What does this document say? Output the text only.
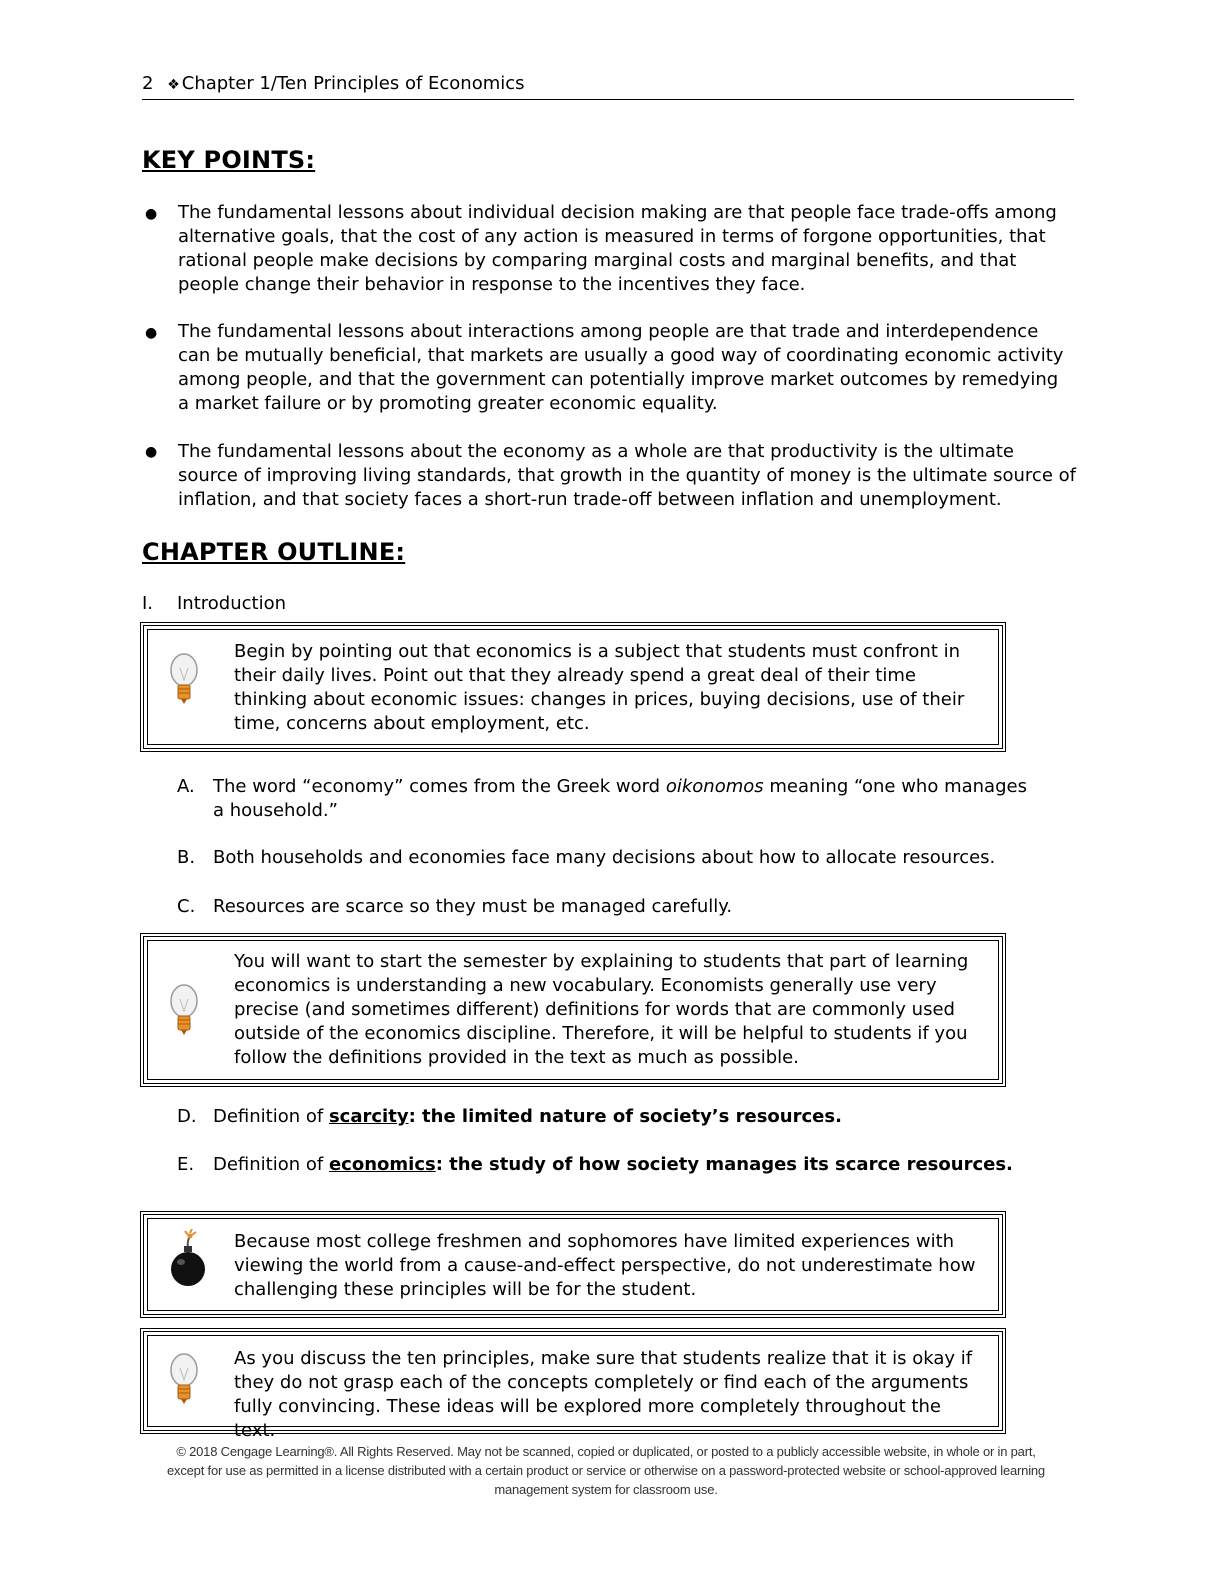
2 ❖ Chapter 1/Ten Principles of Economics
KEY POINTS:
● The fundamental lessons about individual decision making are that people face trade-offs among alternative goals, that the cost of any action is measured in terms of forgone opportunities, that rational people make decisions by comparing marginal costs and marginal benefits, and that people change their behavior in response to the incentives they face.
● The fundamental lessons about interactions among people are that trade and interdependence can be mutually beneficial, that markets are usually a good way of coordinating economic activity among people, and that the government can potentially improve market outcomes by remedying a market failure or by promoting greater economic equality.
● The fundamental lessons about the economy as a whole are that productivity is the ultimate source of improving living standards, that growth in the quantity of money is the ultimate source of inflation, and that society faces a short-run trade-off between inflation and unemployment.
CHAPTER OUTLINE:
I. Introduction
Begin by pointing out that economics is a subject that students must confront in their daily lives. Point out that they already spend a great deal of their time thinking about economic issues: changes in prices, buying decisions, use of their time, concerns about employment, etc.
A. The word “economy” comes from the Greek word oikonomos meaning “one who manages a household.”
B. Both households and economies face many decisions about how to allocate resources.
C. Resources are scarce so they must be managed carefully.
You will want to start the semester by explaining to students that part of learning economics is understanding a new vocabulary. Economists generally use very precise (and sometimes different) definitions for words that are commonly used outside of the economics discipline. Therefore, it will be helpful to students if you follow the definitions provided in the text as much as possible.
D. Definition of scarcity: the limited nature of society’s resources.
E. Definition of economics: the study of how society manages its scarce resources.
Because most college freshmen and sophomores have limited experiences with viewing the world from a cause-and-effect perspective, do not underestimate how challenging these principles will be for the student.
As you discuss the ten principles, make sure that students realize that it is okay if they do not grasp each of the concepts completely or find each of the arguments fully convincing. These ideas will be explored more completely throughout the text.
© 2018 Cengage Learning®. All Rights Reserved. May not be scanned, copied or duplicated, or posted to a publicly accessible website, in whole or in part,
except for use as permitted in a license distributed with a certain product or service or otherwise on a password-protected website or school-approved learning
management system for classroom use.
